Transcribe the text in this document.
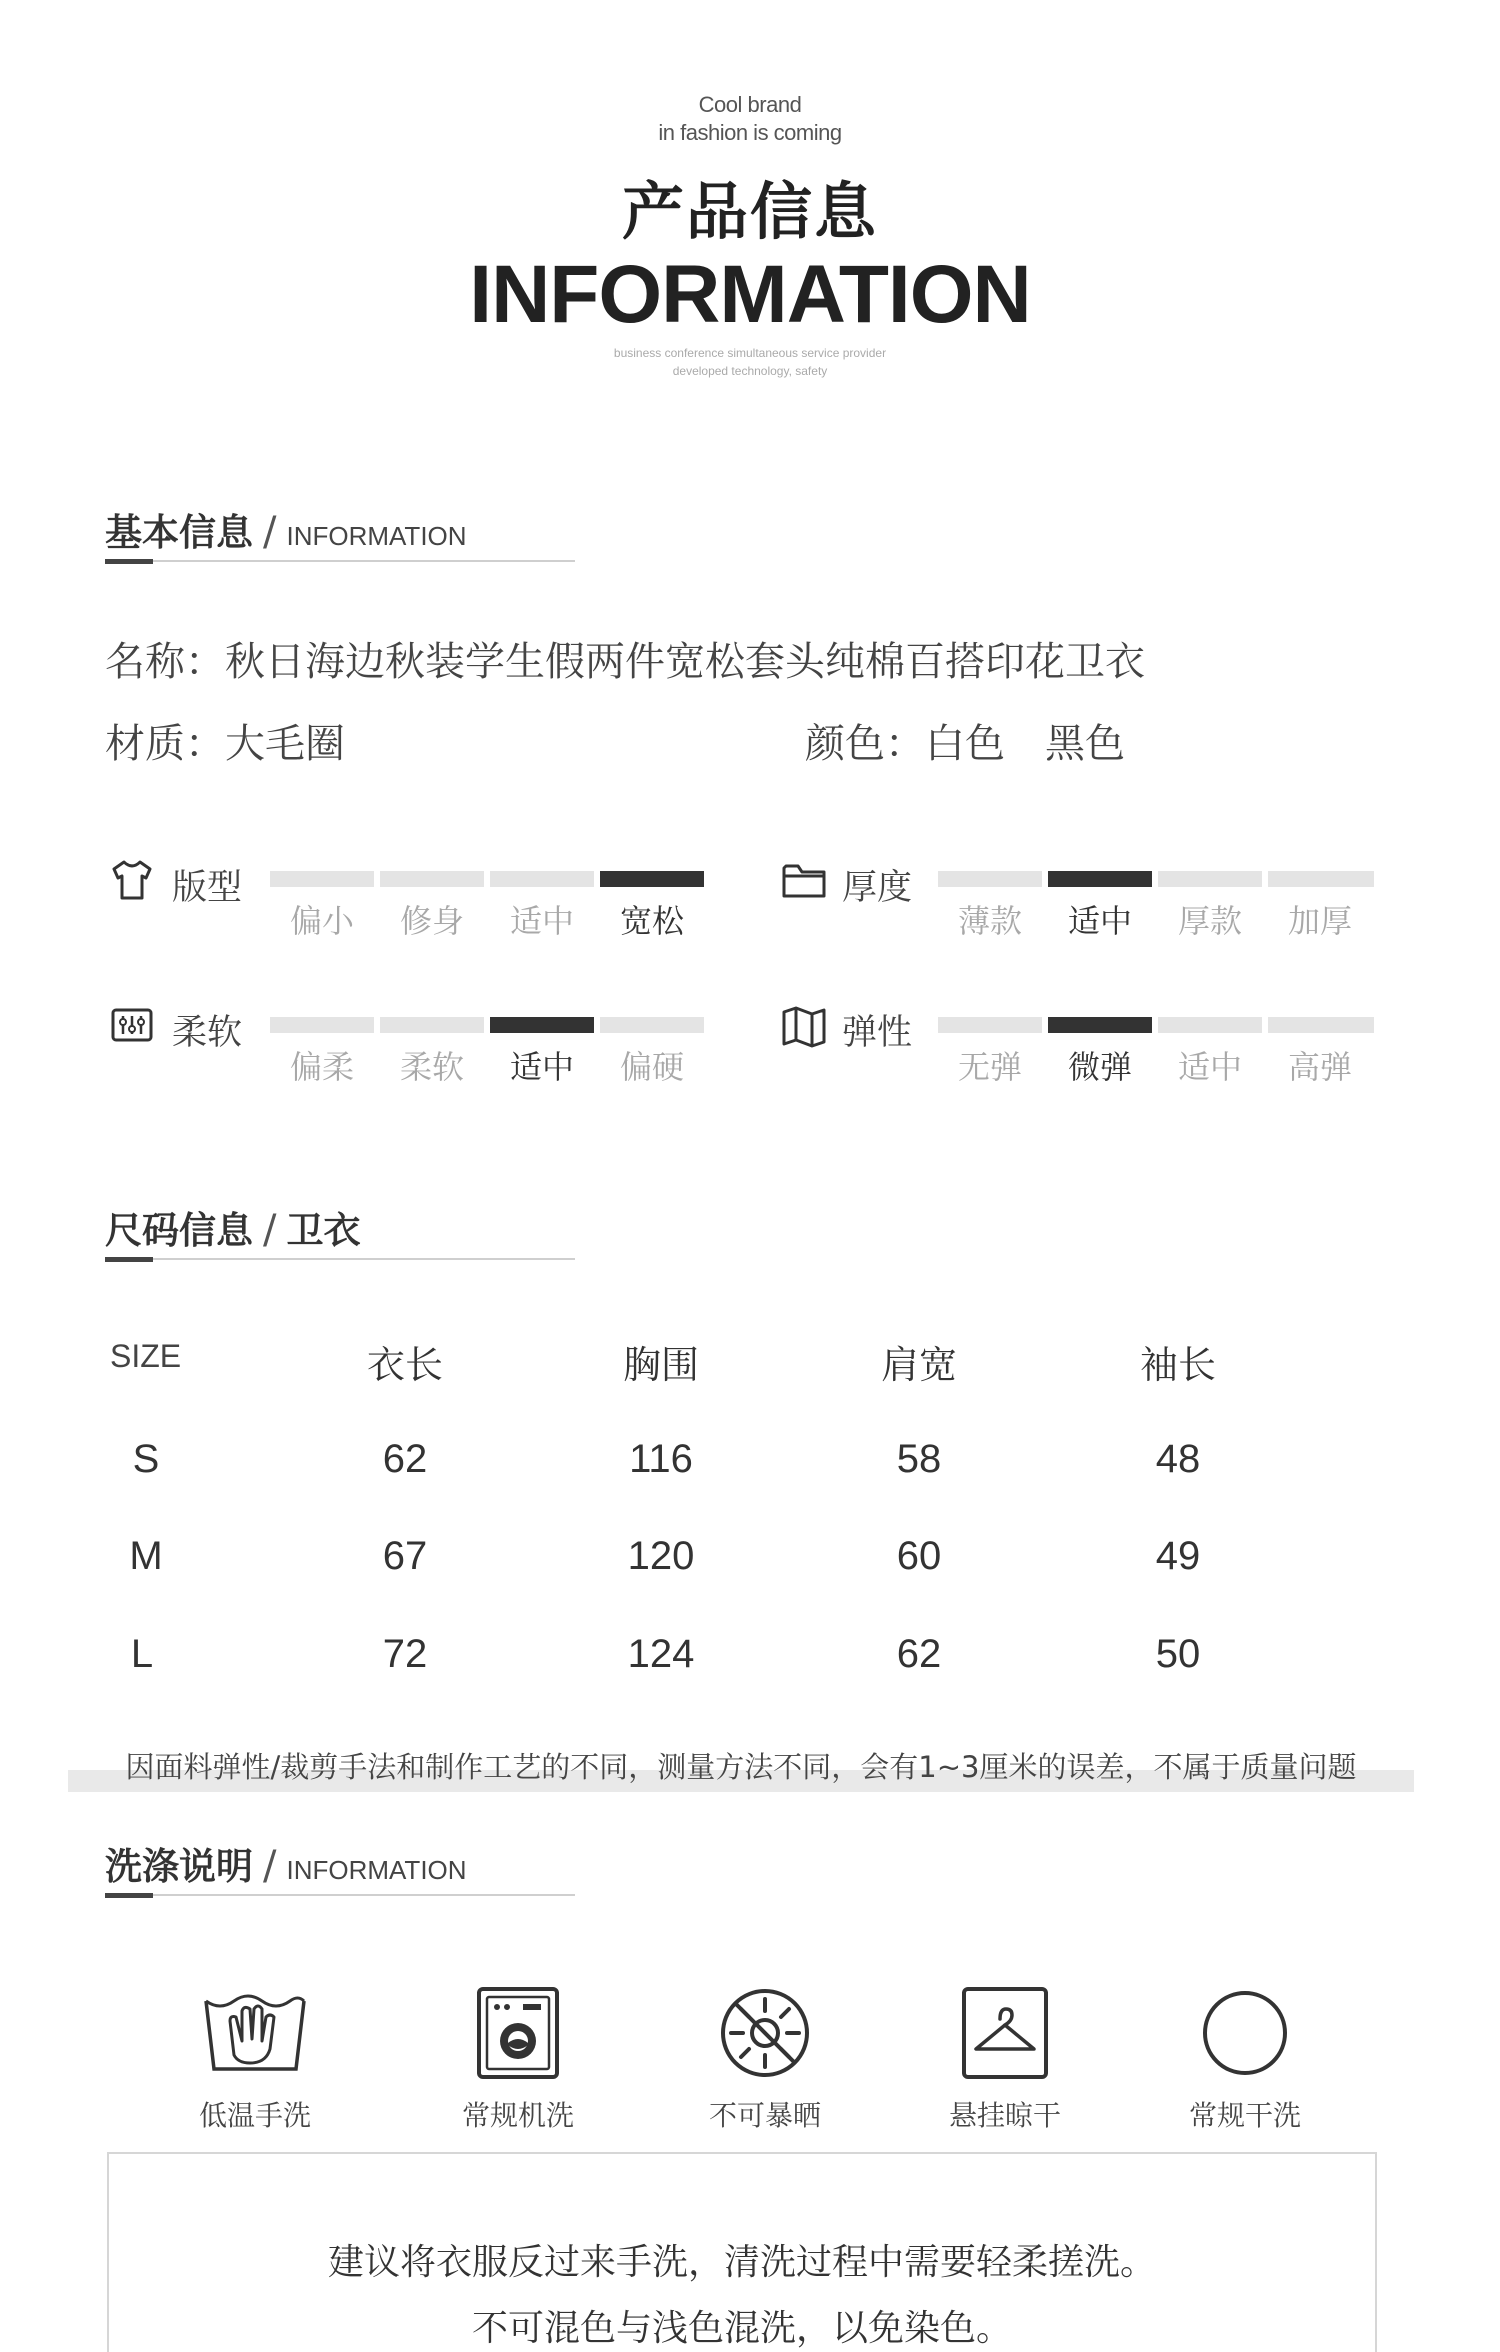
Cool brand
in fashion is coming
产品信息
INFORMATION
business conference simultaneous service provider
developed technology, safety
基本信息 / INFORMATION
名称：秋日海边秋装学生假两件宽松套头纯棉百搭印花卫衣
材质：大毛圈	颜色：白色　黑色
版型
偏小	修身	适中	宽松
厚度
薄款	适中	厚款	加厚
柔软
偏柔	柔软	适中	偏硬
弹性
无弹	微弹	适中	高弹
尺码信息 / 卫衣
SIZE	衣长	胸围	肩宽	袖长
S	62	116	58	48
M	67	120	60	49
L	72	124	62	50
因面料弹性/裁剪手法和制作工艺的不同，测量方法不同，会有1~3厘米的误差，不属于质量问题
洗涤说明 / INFORMATION
低温手洗	常规机洗	不可暴晒	悬挂晾干	常规干洗
建议将衣服反过来手洗，清洗过程中需要轻柔搓洗。
不可混色与浅色混洗，以免染色。
